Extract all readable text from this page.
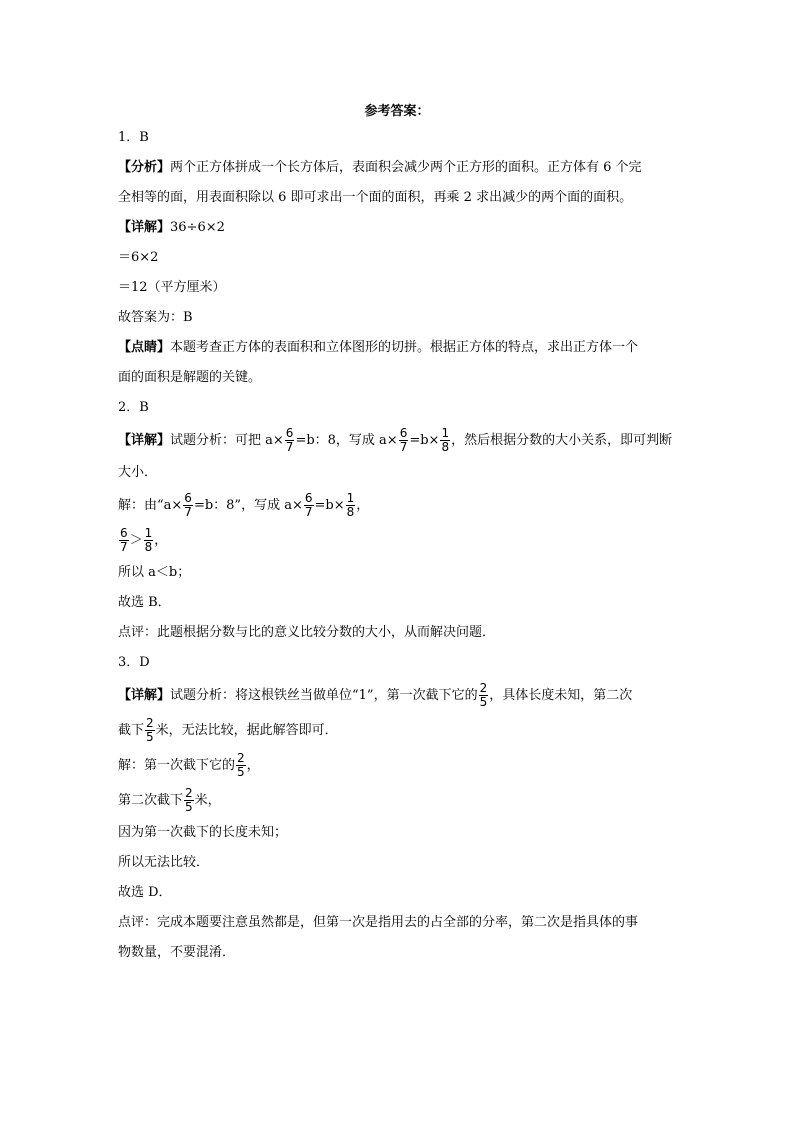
参考答案：
1．B
【分析】两个正方体拼成一个长方体后，表面积会减少两个正方形的面积。正方体有 6 个完
全相等的面，用表面积除以 6 即可求出一个面的面积，再乘 2 求出减少的两个面的面积。
【详解】36÷6×2
＝6×2
＝12（平方厘米）
故答案为：B
【点睛】本题考查正方体的表面积和立体图形的切拼。根据正方体的特点，求出正方体一个
面的面积是解题的关键。
2．B
【详解】试题分析：可把 $a\times \frac{6}{7} =b$：8，写成 $a\times \frac{6}{7} =b\times \frac{1}{8}$ ，然后根据分数的大小关系，即可判断
大小．
解：由“$a\times \frac{6}{7} =b$：8”，写成 $a\times \frac{6}{7} =b\times \frac{1}{8}$ ，
$\frac{6}{7} > \frac{1}{8}$ ，
所以 a＜b；
故选 B．
点评：此题根据分数与比的意义比较分数的大小，从而解决问题．
3．D
【详解】试题分析：将这根铁丝当做单位“1”，第一次截下它的 $\frac{2}{5}$ ，具体长度未知，第二次
截下 $\frac{2}{5}$ 米，无法比较，据此解答即可．
解：第一次截下它的 $\frac{2}{5}$ ，
第二次截下 $\frac{2}{5}$ 米，
因为第一次截下的长度未知；
所以无法比较．
故选 D．
点评：完成本题要注意虽然都是，但第一次是指用去的占全部的分率，第二次是指具体的事
物数量，不要混淆．
